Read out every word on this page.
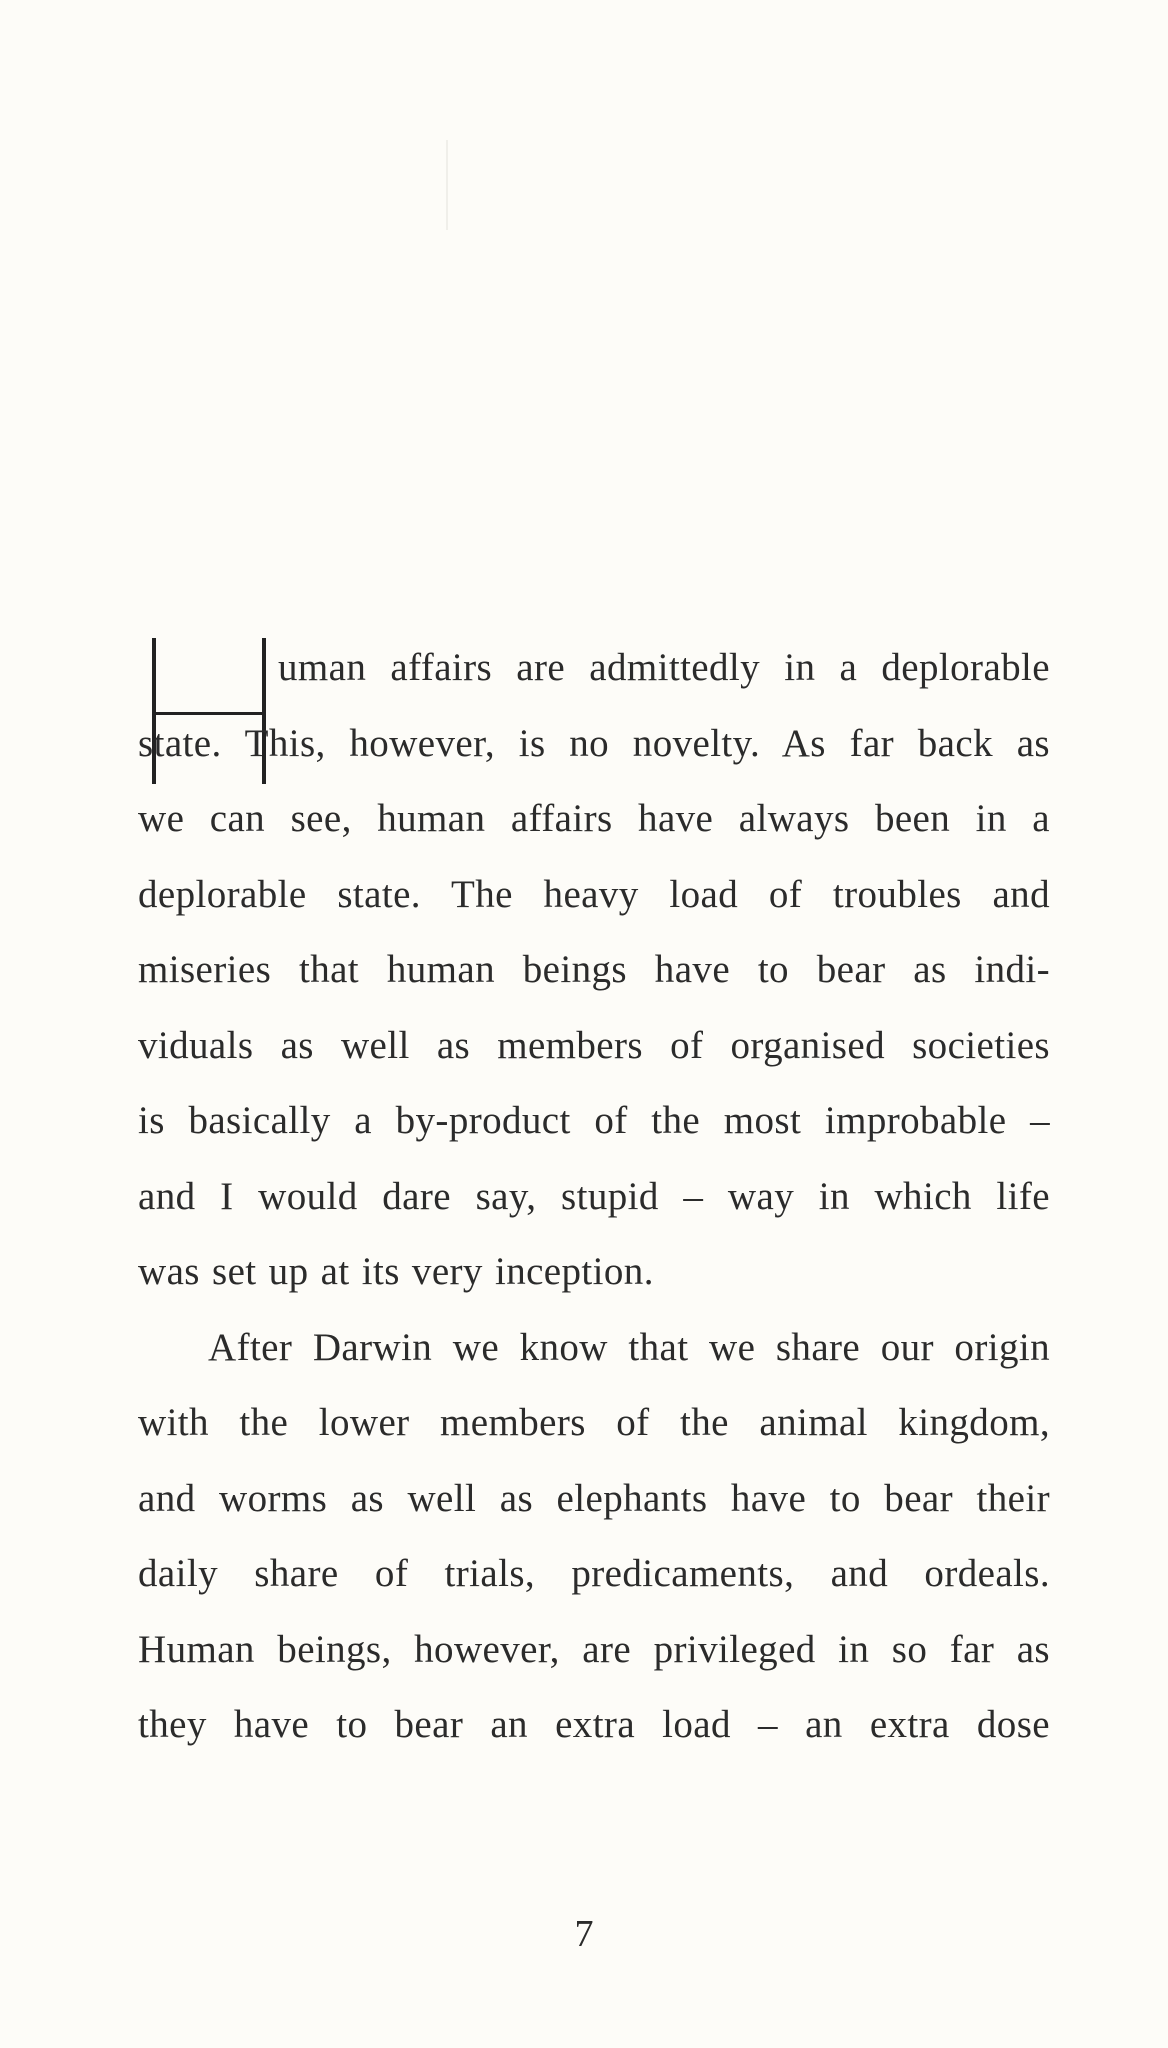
uman affairs are admittedly in a deplorable
state. This, however, is no novelty. As far back as
we can see, human affairs have always been in a
deplorable state. The heavy load of troubles and
miseries that human beings have to bear as indi-
viduals as well as members of organised societies
is basically a by-product of the most improbable –
and I would dare say, stupid – way in which life
was set up at its very inception.
After Darwin we know that we share our origin
with the lower members of the animal kingdom,
and worms as well as elephants have to bear their
daily share of trials, predicaments, and ordeals.
Human beings, however, are privileged in so far as
they have to bear an extra load – an extra dose
7
